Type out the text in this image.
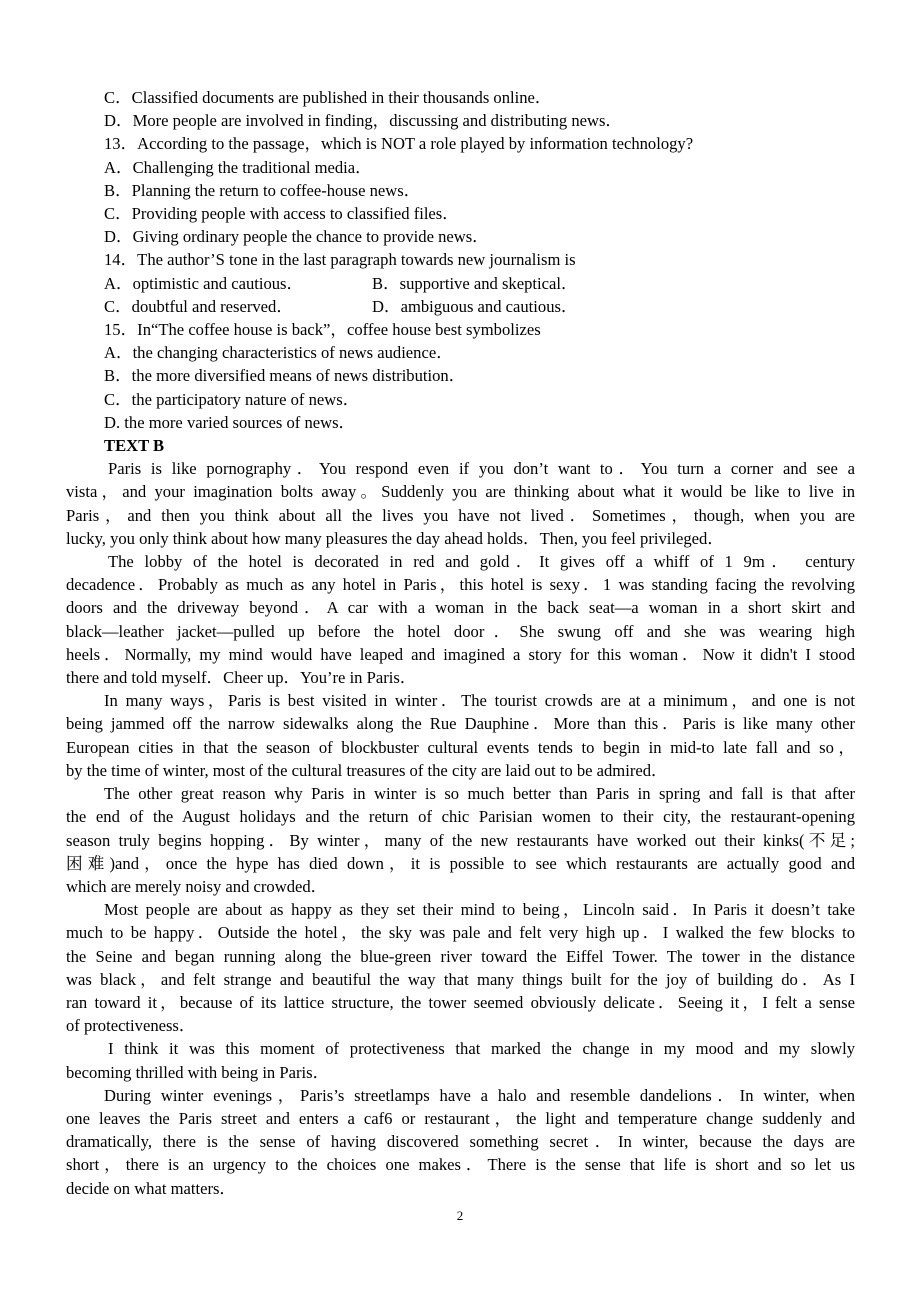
C．Classified documents are published in their thousands online．
D．More people are involved in finding，discussing and distributing news．
13．According to the passage，which is NOT a role played by information technology?
A．Challenging the traditional media．
B．Planning the return to coffee-house news．
C．Providing people with access to classified files．
D．Giving ordinary people the chance to provide news．
14．The author’S tone in the last paragraph towards new journalism is
A．optimistic and cautious．	B．supportive and skeptical．
C．doubtful and reserved．	D．ambiguous and cautious．
15．In“The coffee house is back”，coffee house best symbolizes
A．the changing characteristics of news audience．
B．the more diversified means of news distribution．
C．the participatory nature of news．
D. the more varied sources of news．
TEXT B
Paris is like pornography．You respond even if you don’t want to．You turn a corner and see a
vista，and your imagination bolts away。Suddenly you are thinking about what it would be like to live in
Paris，and then you think about all the lives you have not lived．Sometimes，though, when you are
lucky, you only think about how many pleasures the day ahead holds．Then, you feel privileged．
The lobby of the hotel is decorated in red and gold．It gives off a whiff of 1 9m． century
decadence．Probably as much as any hotel in Paris，this hotel is sexy．1 was standing facing the revolving
doors and the driveway beyond．A car with a woman in the back seat—a woman in a short skirt and
black—leather jacket—pulled up before the hotel door．She swung off and she was wearing high
heels．Normally, my mind would have leaped and imagined a story for this woman．Now it didn't I stood
there and told myself．Cheer up．You’re in Paris．
In many ways，Paris is best visited in winter．The tourist crowds are at a minimum，and one is not
being jammed off the narrow sidewalks along the Rue Dauphine．More than this．Paris is like many other
European cities in that the season of blockbuster cultural events tends to begin in mid-to late fall and so，
by the time of winter, most of the cultural treasures of the city are laid out to be admired．
The other great reason why Paris in winter is so much better than Paris in spring and fall is that after
the end of the August holidays and the return of chic Parisian women to their city, the restaurant-opening
season truly begins hopping．By winter，many of the new restaurants have worked out their kinks(不足;
困难)and，once the hype has died down，it is possible to see which restaurants are actually good and
which are merely noisy and crowded．
Most people are about as happy as they set their mind to being，Lincoln said．In Paris it doesn’t take
much to be happy．Outside the hotel，the sky was pale and felt very high up．I walked the few blocks to
the Seine and began running along the blue-green river toward the Eiffel Tower. The tower in the distance
was black，and felt strange and beautiful the way that many things built for the joy of building do．As I
ran toward it，because of its lattice structure, the tower seemed obviously delicate．Seeing it，I felt a sense
of protectiveness．
I think it was this moment of protectiveness that marked the change in my mood and my slowly
becoming thrilled with being in Paris．
During winter evenings，Paris’s streetlamps have a halo and resemble dandelions．In winter, when
one leaves the Paris street and enters a caf6 or restaurant，the light and temperature change suddenly and
dramatically, there is the sense of having discovered something secret．In winter, because the days are
short，there is an urgency to the choices one makes．There is the sense that life is short and so let us
decide on what matters．
2
